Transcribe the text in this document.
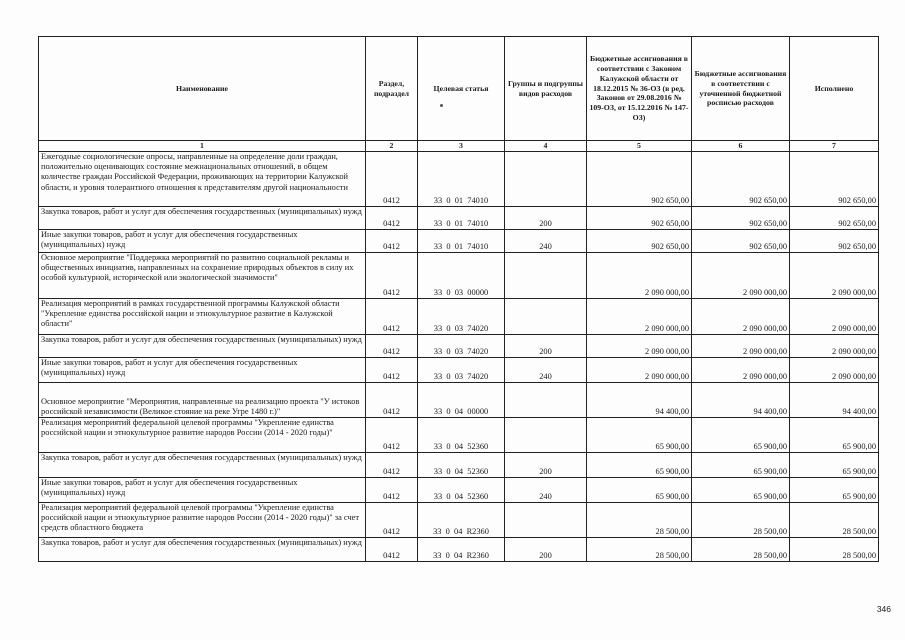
Наименование	Раздел, подраздел	Целевая статья	Группы и подгруппы видов расходов	Бюджетные ассигнования в соответствии с Законом Калужской области от 18.12.2015 № 36-ОЗ (в ред. Законов от 29.08.2016 № 109-ОЗ, от 15.12.2016 № 147-ОЗ)	Бюджетные ассигнования в соответствии с уточненной бюджетной росписью расходов	Исполнено
1	2	3	4	5	6	7
Ежегодные социологические опросы, направленные на определение доли граждан, положительно оценивающих состояние межнациональных отношений, в общем количестве граждан Российской Федерации, проживающих на территории Калужской области, и уровня толерантного отношения к представителям другой национальности	0412	33  0  01  74010		902 650,00	902 650,00	902 650,00
Закупка товаров, работ и услуг для обеспечения государственных (муниципальных) нужд	0412	33  0  01  74010	200	902 650,00	902 650,00	902 650,00
Иные закупки товаров, работ и услуг для обеспечения государственных (муниципальных) нужд	0412	33  0  01  74010	240	902 650,00	902 650,00	902 650,00
Основное мероприятие "Поддержка мероприятий по развитию социальной рекламы и общественных инициатив, направленных на сохранение природных объектов в силу их особой культурной, исторической или экологической значимости"	0412	33  0  03  00000		2 090 000,00	2 090 000,00	2 090 000,00
Реализация мероприятий в рамках государственной программы Калужской области "Укрепление единства российской нации и этнокультурное развитие в Калужской области"	0412	33  0  03  74020		2 090 000,00	2 090 000,00	2 090 000,00
Закупка товаров, работ и услуг для обеспечения государственных (муниципальных) нужд	0412	33  0  03  74020	200	2 090 000,00	2 090 000,00	2 090 000,00
Иные закупки товаров, работ и услуг для обеспечения государственных (муниципальных) нужд	0412	33  0  03  74020	240	2 090 000,00	2 090 000,00	2 090 000,00
Основное мероприятие "Мероприятия, направленные на реализацию проекта "У истоков российской независимости (Великое стояние на реке Угре 1480 г.)"	0412	33  0  04  00000		94 400,00	94 400,00	94 400,00
Реализация мероприятий федеральной целевой программы "Укрепление единства российской нации и этнокультурное развитие народов России (2014 - 2020 годы)"	0412	33  0  04  52360		65 900,00	65 900,00	65 900,00
Закупка товаров, работ и услуг для обеспечения государственных (муниципальных) нужд	0412	33  0  04  52360	200	65 900,00	65 900,00	65 900,00
Иные закупки товаров, работ и услуг для обеспечения государственных (муниципальных) нужд	0412	33  0  04  52360	240	65 900,00	65 900,00	65 900,00
Реализация мероприятий федеральной целевой программы "Укрепление единства российской нации и этнокультурное развитие народов России (2014 - 2020 годы)" за счет средств областного бюджета	0412	33  0  04  R2360		28 500,00	28 500,00	28 500,00
Закупка товаров, работ и услуг для обеспечения государственных (муниципальных) нужд	0412	33  0  04  R2360	200	28 500,00	28 500,00	28 500,00
346
